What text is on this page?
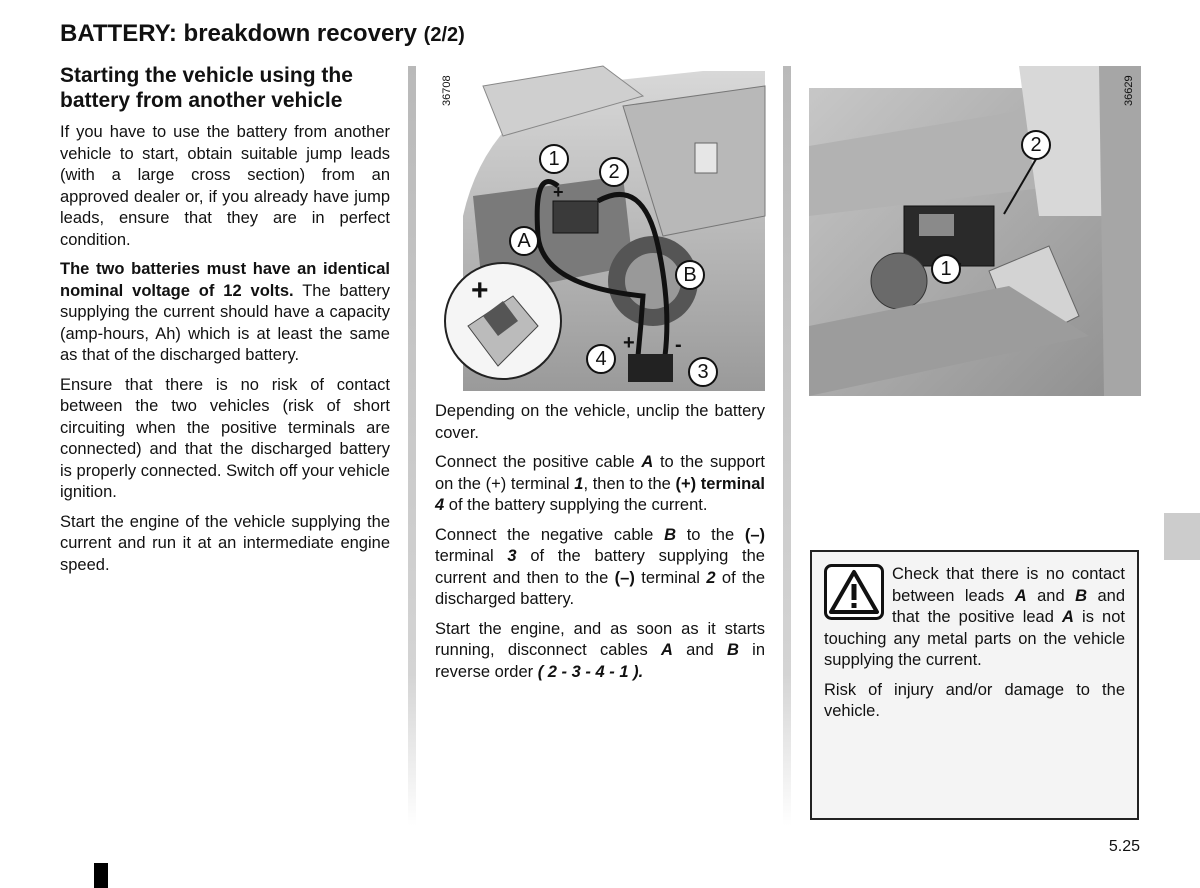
BATTERY: breakdown recovery (2/2)
Starting the vehicle using the battery from another vehicle

If you have to use the battery from another vehicle to start, obtain suitable jump leads (with a large cross section) from an approved dealer or, if you already have jump leads, ensure that they are in perfect condition.

The two batteries must have an identical nominal voltage of 12 volts. The battery supplying the current should have a capacity (amp-hours, Ah) which is at least the same as that of the discharged battery.

Ensure that there is no risk of contact between the two vehicles (risk of short circuiting when the positive terminals are connected) and that the discharged battery is properly connected. Switch off your vehicle ignition.

Start the engine of the vehicle supplying the current and run it at an intermediate engine speed.

36708
1
2
A
B
4
3
+
+ -
+
36629
2
1

Depending on the vehicle, unclip the battery cover.

Connect the positive cable A to the support on the (+) terminal 1, then to the (+) terminal 4 of the battery supplying the current.

Connect the negative cable B to the (–) terminal 3 of the battery supplying the current and then to the (–) terminal 2 of the discharged battery.

Start the engine, and as soon as it starts running, disconnect cables A and B in reverse order ( 2 - 3 - 4 - 1 ).

Check that there is no contact between leads A and B and that the positive lead A is not touching any metal parts on the vehicle supplying the current.

Risk of injury and/or damage to the vehicle.

5.25
